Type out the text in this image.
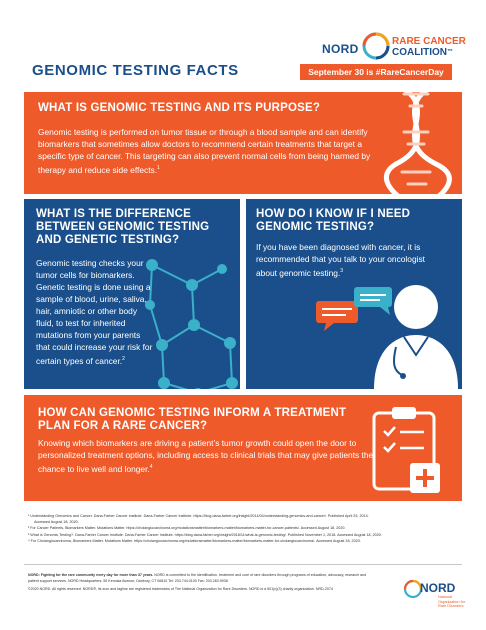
NORD
RARE CANCER
COALITION™
GENOMIC TESTING FACTS	September 30 is #RareCancerDay
WHAT IS GENOMIC TESTING AND ITS PURPOSE?

Genomic testing is performed on tumor tissue or through a blood sample and can identify biomarkers that sometimes allow doctors to recommend certain treatments that target a specific type of cancer. This targeting can also prevent normal cells from being harmed by therapy and reduce side effects.$^1$

WHAT IS THE DIFFERENCE BETWEEN GENOMIC TESTING AND GENETIC TESTING?

Genomic testing checks your tumor cells for biomarkers. Genetic testing is done using a sample of blood, urine, saliva, hair, amniotic or other body fluid, to test for inherited mutations from your parents that could increase your risk for certain types of cancer.$^2$

HOW DO I KNOW IF I NEED GENOMIC TESTING?

If you have been diagnosed with cancer, it is recommended that you talk to your oncologist about genomic testing.$^3$

HOW CAN GENOMIC TESTING INFORM A TREATMENT PLAN FOR A RARE CANCER?

Knowing which biomarkers are driving a patient’s tumor growth could open the door to personalized treatment options, including access to clinical trials that may give patients the chance to live well and longer.$^4$

¹ Understanding Genomics and Cancer. Dana-Farber Cancer Institute. Dana-Farber Cancer Institute. https://blog.dana-farber.org/insight/2014/04/understanding-genomics-and-cancer/. Published April 25, 2014.
Accessed August 18, 2020.
² For Cancer Patients, Biomarkers Matter. Mutations Matter. https://cholangiocarcinoma.org/mutationsmatter/biomarkers-matter/biomarkers-matter-for-cancer-patients/. Accessed August 18, 2020.
³ What is Genomic Testing?. Dana-Farber Cancer Institute. Dana-Farber Cancer Institute. https://blog.dana-farber.org/insight/2018/11/what-is-genomic-testing/. Published November 1, 2018. Accessed August 18, 2020.
⁴ For Cholangiocarcinoma, Biomarkers Matter. Mutations Matter. https://cholangiocarcinoma.org/mutationsmatter/biomarkers-matter/biomarkers-matter-for-cholangiocarcinoma/. Accessed August 18, 2020.
NORD: Fighting for the rare community every day for more than 37 years. NORD is committed to the identification, treatment and cure of rare disorders through programs of education, advocacy, research and patient support services. NORD Headquarters: 55 Kenosia Avenue, Danbury, CT 06810 Tel: 203.744.0100 Fax: 203.263.9938
©2020 NORD. All rights reserved. NORD®, its icon and tagline are registered trademarks of The National Organization for Rare Disorders. NORD is a 501(c)(3) charity organization. NRD-2074	NORD
National Organization for Rare Disorders
